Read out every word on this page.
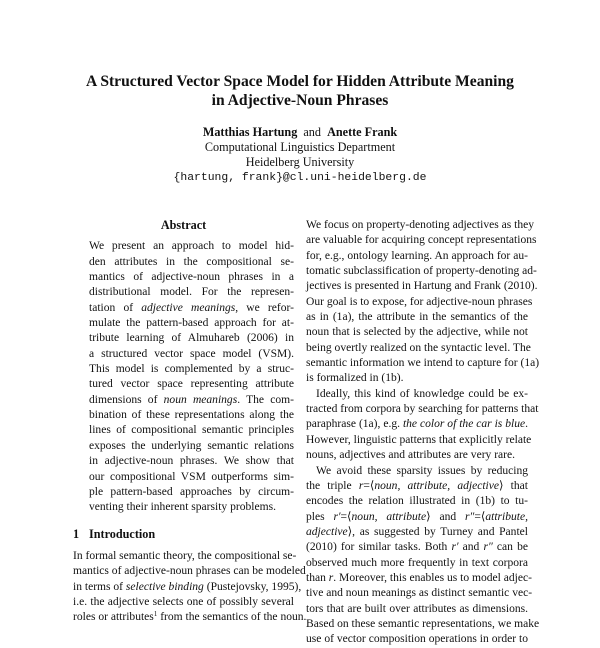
A Structured Vector Space Model for Hidden Attribute Meaning
in Adjective-Noun Phrases
Matthias Hartung and Anette Frank
Computational Linguistics Department
Heidelberg University
{hartung, frank}@cl.uni-heidelberg.de
Abstract
We present an approach to model hid-
den attributes in the compositional se-
mantics of adjective-noun phrases in a
distributional model. For the represen-
tation of adjective meanings, we refor-
mulate the pattern-based approach for at-
tribute learning of Almuhareb (2006) in
a structured vector space model (VSM).
This model is complemented by a struc-
tured vector space representing attribute
dimensions of noun meanings. The com-
bination of these representations along the
lines of compositional semantic principles
exposes the underlying semantic relations
in adjective-noun phrases. We show that
our compositional VSM outperforms sim-
ple pattern-based approaches by circum-
venting their inherent sparsity problems.
1 Introduction
In formal semantic theory, the compositional se-
mantics of adjective-noun phrases can be modeled
in terms of selective binding (Pustejovsky, 1995),
i.e. the adjective selects one of possibly several
roles or attributes$^1$ from the semantics of the noun.
We focus on property-denoting adjectives as they
are valuable for acquiring concept representations
for, e.g., ontology learning. An approach for au-
tomatic subclassification of property-denoting ad-
jectives is presented in Hartung and Frank (2010).
Our goal is to expose, for adjective-noun phrases
as in (1a), the attribute in the semantics of the
noun that is selected by the adjective, while not
being overtly realized on the syntactic level. The
semantic information we intend to capture for (1a)
is formalized in (1b).
Ideally, this kind of knowledge could be ex-
tracted from corpora by searching for patterns that
paraphrase (1a), e.g. the color of the car is blue.
However, linguistic patterns that explicitly relate
nouns, adjectives and attributes are very rare.
We avoid these sparsity issues by reducing
the triple r=⟨noun, attribute, adjective⟩ that
encodes the relation illustrated in (1b) to tu-
ples r′=⟨noun, attribute⟩ and r″=⟨attribute,
adjective⟩, as suggested by Turney and Pantel
(2010) for similar tasks. Both r′ and r″ can be
observed much more frequently in text corpora
than r. Moreover, this enables us to model adjec-
tive and noun meanings as distinct semantic vec-
tors that are built over attributes as dimensions.
Based on these semantic representations, we make
use of vector composition operations in order to
